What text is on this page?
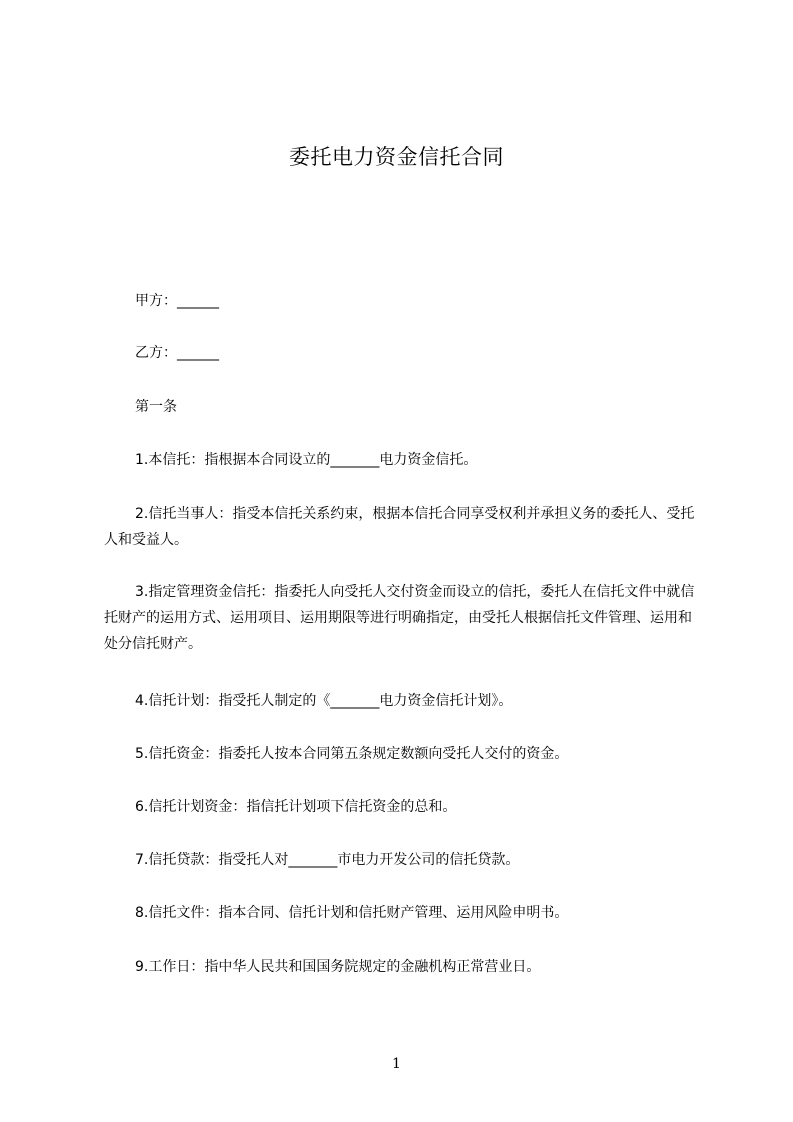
委托电力资金信托合同
甲方：______
乙方：______
第一条
1.本信托：指根据本合同设立的_______电力资金信托。
2.信托当事人：指受本信托关系约束，根据本信托合同享受权利并承担义务的委托人、受托人和受益人。
3.指定管理资金信托：指委托人向受托人交付资金而设立的信托，委托人在信托文件中就信托财产的运用方式、运用项目、运用期限等进行明确指定，由受托人根据信托文件管理、运用和处分信托财产。
4.信托计划：指受托人制定的《_______电力资金信托计划》。
5.信托资金：指委托人按本合同第五条规定数额向受托人交付的资金。
6.信托计划资金：指信托计划项下信托资金的总和。
7.信托贷款：指受托人对_______市电力开发公司的信托贷款。
8.信托文件：指本合同、信托计划和信托财产管理、运用风险申明书。
9.工作日：指中华人民共和国国务院规定的金融机构正常营业日。
1
